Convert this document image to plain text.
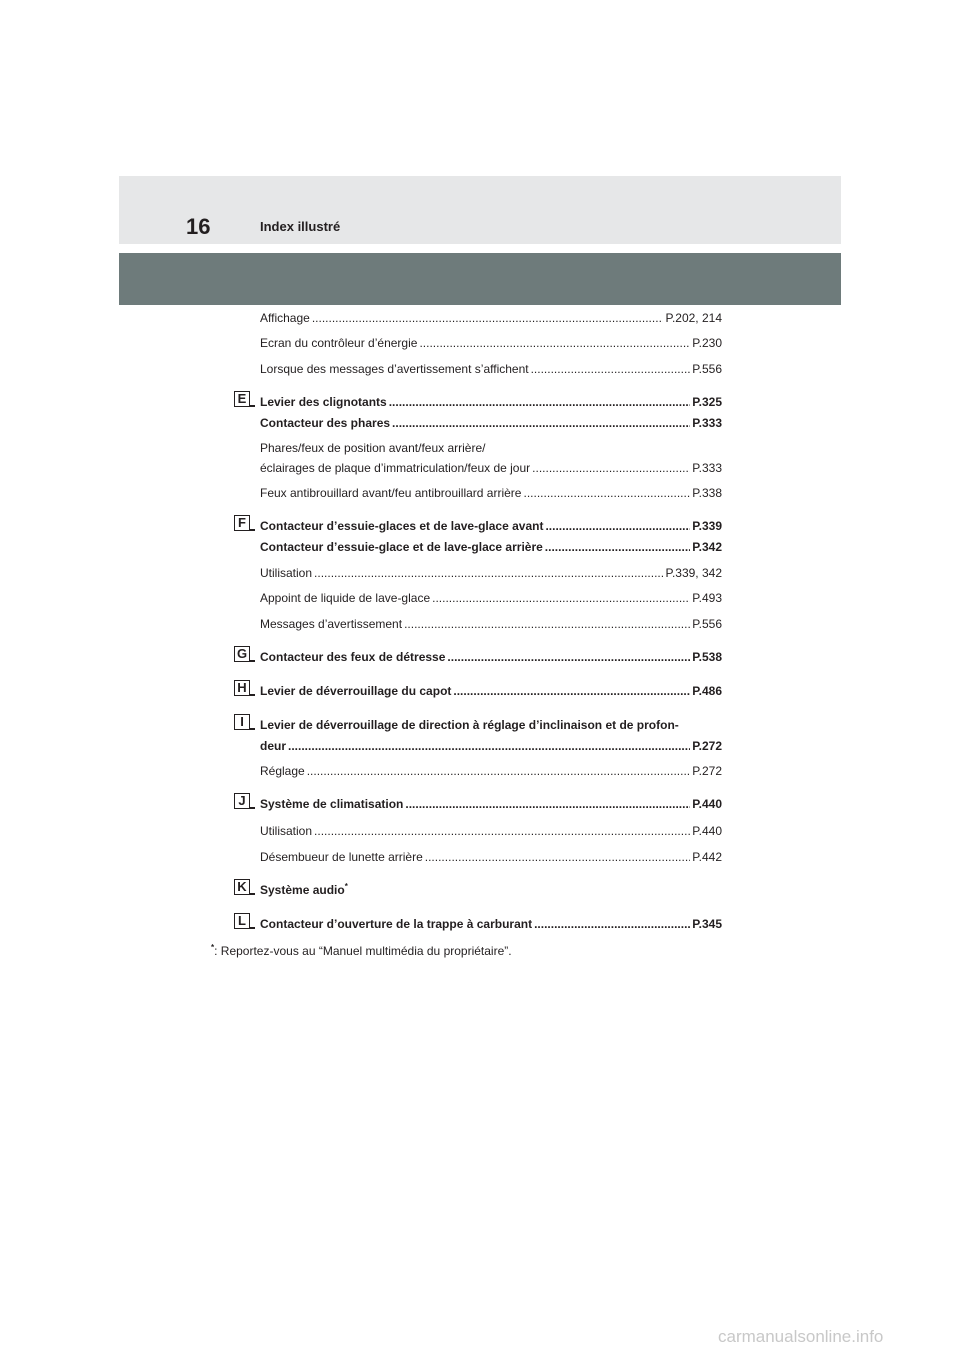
16	Index illustré
Affichage .....	P.202, 214
Ecran du contrôleur d’énergie .....	P.230
Lorsque des messages d’avertissement s’affichent .....	P.556
E	Levier des clignotants .....	P.325
Contacteur des phares .....	P.333
Phares/feux de position avant/feux arrière/
éclairages de plaque d’immatriculation/feux de jour .....	P.333
Feux antibrouillard avant/feu antibrouillard arrière .....	P.338
F	Contacteur d’essuie-glaces et de lave-glace avant .....	P.339
Contacteur d’essuie-glace et de lave-glace arrière .....	P.342
Utilisation .....	P.339, 342
Appoint de liquide de lave-glace .....	P.493
Messages d’avertissement .....	P.556
G Contacteur des feux de détresse .....	P.538
H Levier de déverrouillage du capot .....	P.486
I	Levier de déverrouillage de direction à réglage d’inclinaison et de profon-
deur .....	P.272
Réglage .....	P.272
J	Système de climatisation .....	P.440
Utilisation .....	P.440
Désembueur de lunette arrière .....	P.442
K Système audio*
L	Contacteur d’ouverture de la trappe à carburant .....	P.345
*: Reportez-vous au “Manuel multimédia du propriétaire”.
carmanualsonline.info
